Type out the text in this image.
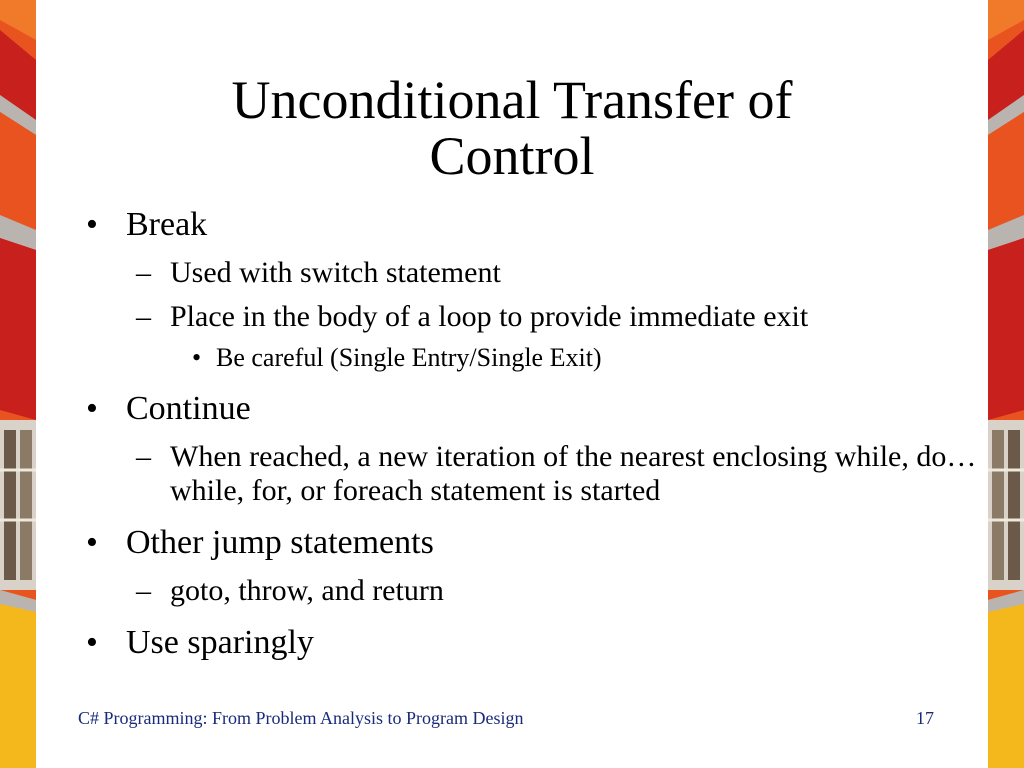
Unconditional Transfer of
Control
• Break
– Used with switch statement
– Place in the body of a loop to provide immediate exit
• Be careful (Single Entry/Single Exit)
• Continue
– When reached, a new iteration of the nearest enclosing while, do…while, for, or foreach statement is started
• Other jump statements
– goto, throw, and return
• Use sparingly
C# Programming: From Problem Analysis to Program Design	17
